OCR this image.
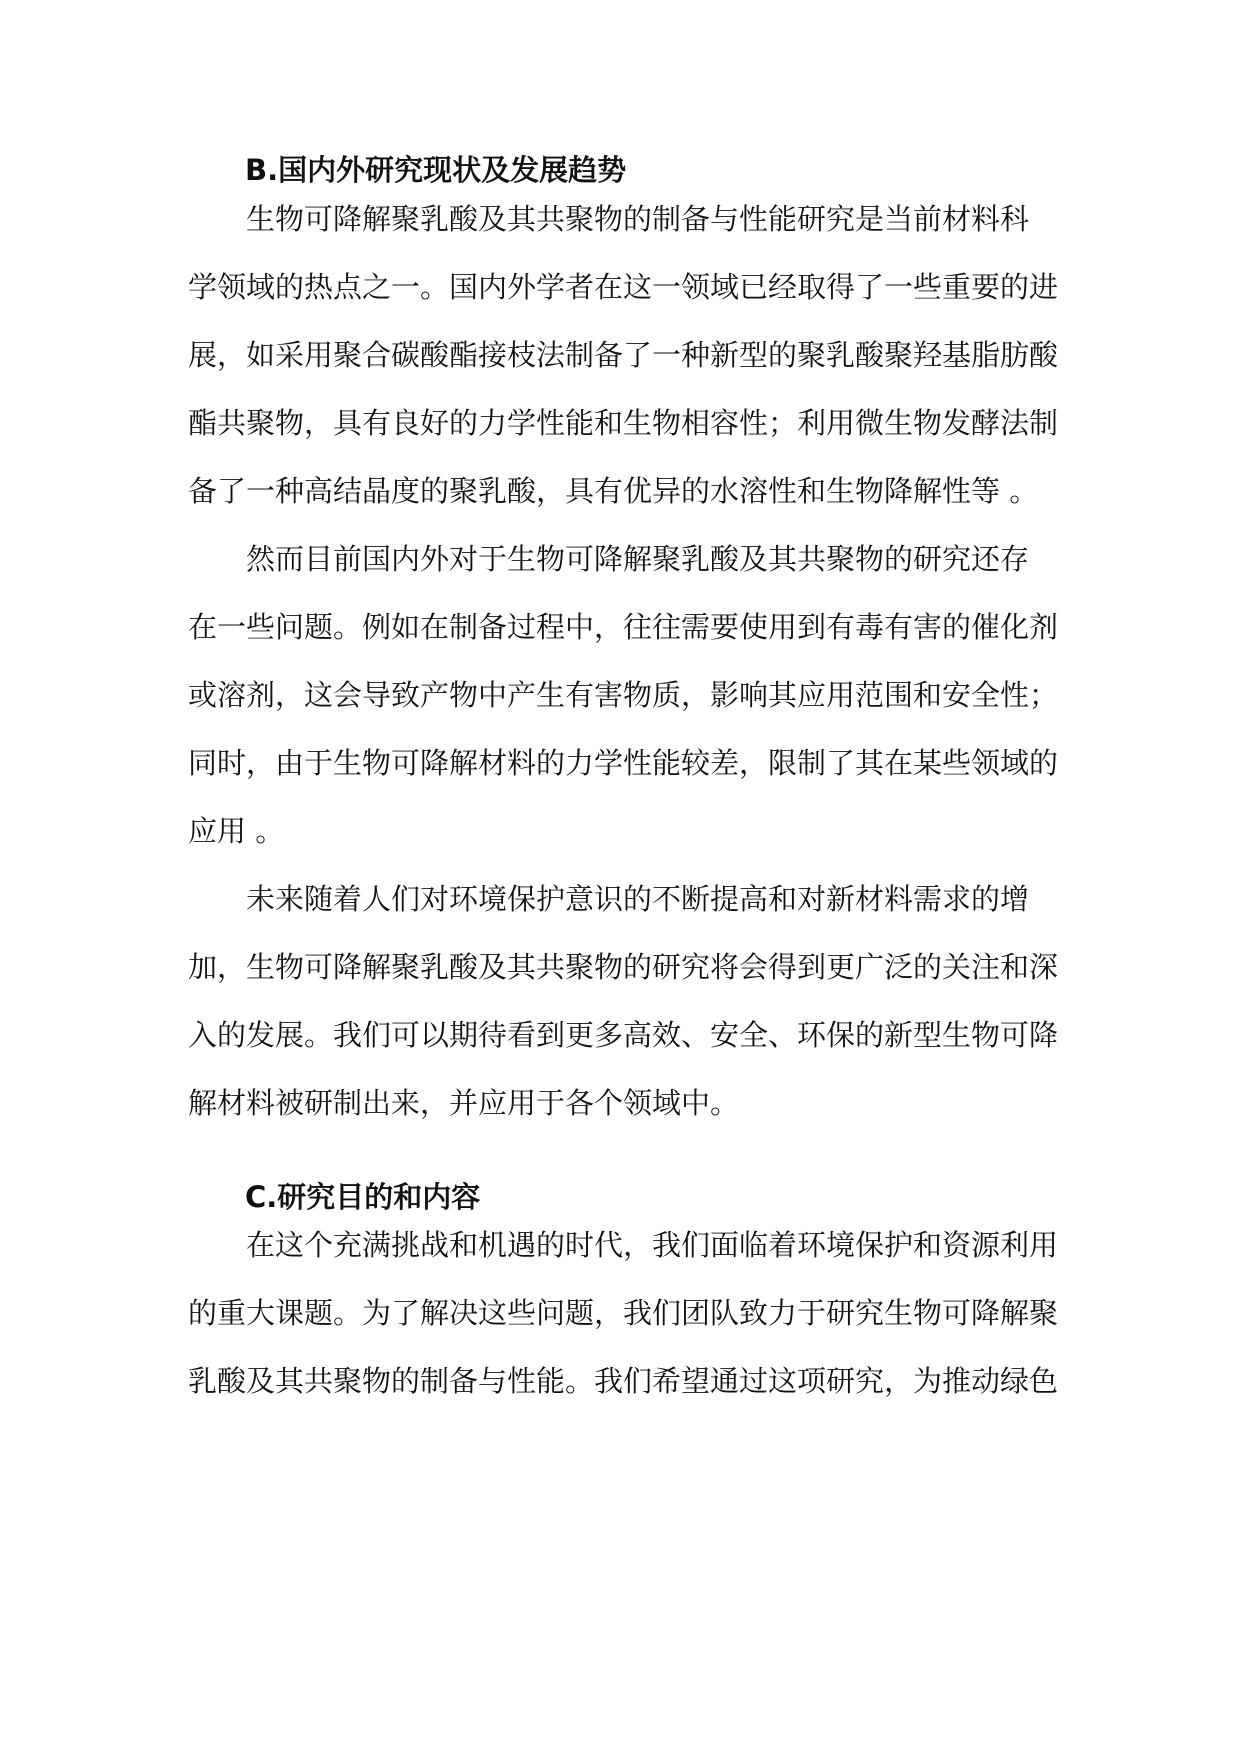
B.国内外研究现状及发展趋势
生物可降解聚乳酸及其共聚物的制备与性能研究是当前材料科
学领域的热点之一。国内外学者在这一领域已经取得了一些重要的进
展，如采用聚合碳酸酯接枝法制备了一种新型的聚乳酸聚羟基脂肪酸
酯共聚物，具有良好的力学性能和生物相容性；利用微生物发酵法制
备了一种高结晶度的聚乳酸，具有优异的水溶性和生物降解性等 。
然而目前国内外对于生物可降解聚乳酸及其共聚物的研究还存
在一些问题。例如在制备过程中，往往需要使用到有毒有害的催化剂
或溶剂，这会导致产物中产生有害物质，影响其应用范围和安全性；
同时，由于生物可降解材料的力学性能较差，限制了其在某些领域的
应用 。
未来随着人们对环境保护意识的不断提高和对新材料需求的增
加，生物可降解聚乳酸及其共聚物的研究将会得到更广泛的关注和深
入的发展。我们可以期待看到更多高效、安全、环保的新型生物可降
解材料被研制出来，并应用于各个领域中。
C.研究目的和内容
在这个充满挑战和机遇的时代，我们面临着环境保护和资源利用
的重大课题。为了解决这些问题，我们团队致力于研究生物可降解聚
乳酸及其共聚物的制备与性能。我们希望通过这项研究，为推动绿色
